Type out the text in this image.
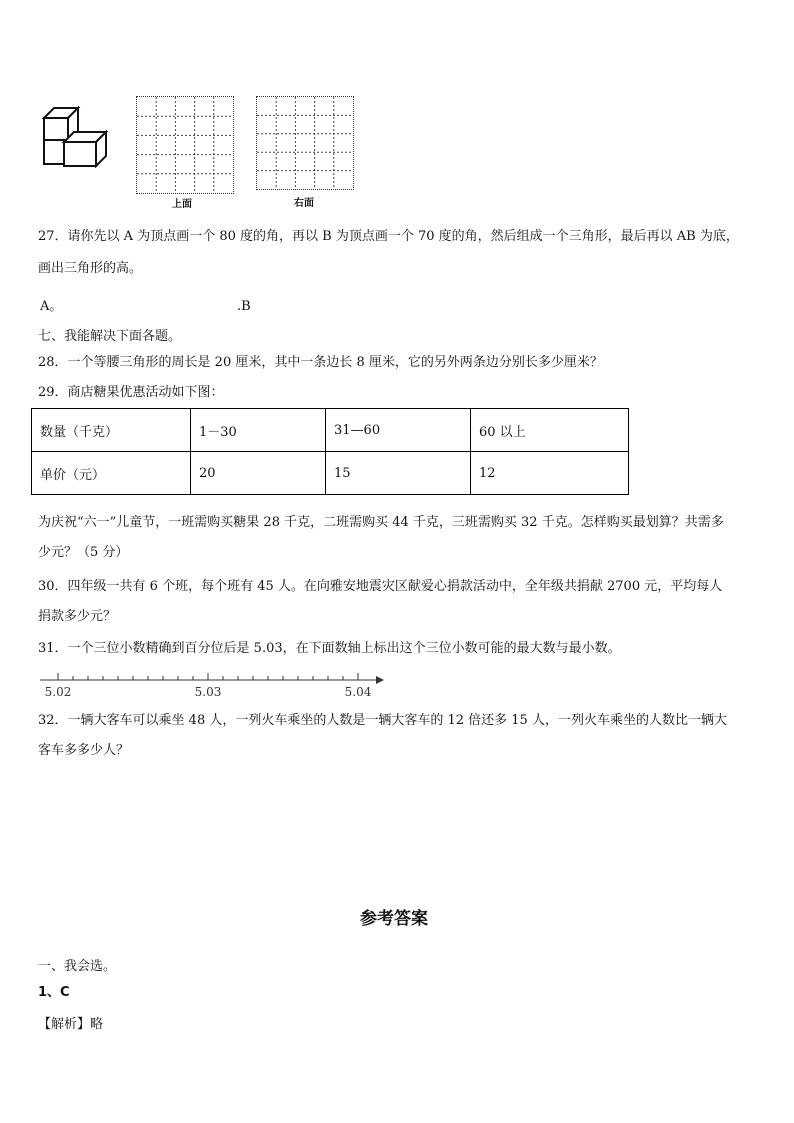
上面	右面
27．请你先以 A 为顶点画一个 80 度的角，再以 B 为顶点画一个 70 度的角，然后组成一个三角形，最后再以 AB 为底，
画出三角形的高。
A。	.B
七、我能解决下面各题。
28．一个等腰三角形的周长是 20 厘米，其中一条边长 8 厘米，它的另外两条边分别长多少厘米？
29．商店糖果优惠活动如下图：
数量（千克）	1－30	31—60	60 以上
单价（元）	20	15	12
为庆祝“六一”儿童节，一班需购买糖果 28 千克，二班需购买 44 千克，三班需购买 32 千克。怎样购买最划算？共需多
少元？（5 分）
30．四年级一共有 6 个班，每个班有 45 人。在向雅安地震灾区献爱心捐款活动中，全年级共捐献 2700 元，平均每人
捐款多少元？
31．一个三位小数精确到百分位后是 5.03，在下面数轴上标出这个三位小数可能的最大数与最小数。
5.02	5.03	5.04
32．一辆大客车可以乘坐 48 人，一列火车乘坐的人数是一辆大客车的 12 倍还多 15 人，一列火车乘坐的人数比一辆大
客车多多少人？
参考答案
一、我会选。
1、C
【解析】略
